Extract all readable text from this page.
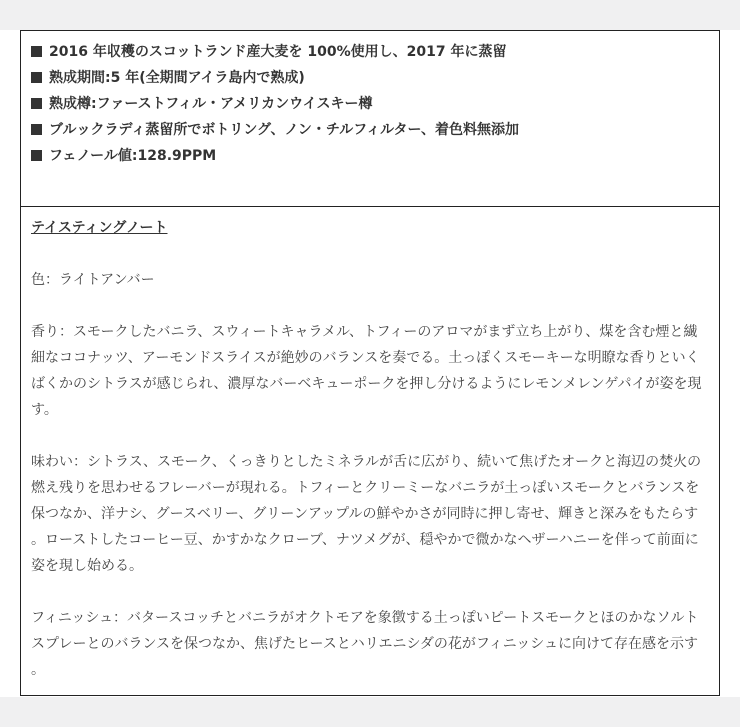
2016 年収穫のスコットランド産大麦を 100%使用し、2017 年に蒸留
熟成期間:5 年(全期間アイラ島内で熟成)
熟成樽:ファーストフィル・アメリカンウイスキー樽
ブルックラディ蒸留所でボトリング、ノン・チルフィルター、着色料無添加
フェノール値:128.9PPM
テイスティングノート
色：ライトアンバー
香り：スモークしたバニラ、スウィートキャラメル、トフィーのアロマがまず立ち上がり、煤を含む煙と繊
細なココナッツ、アーモンドスライスが絶妙のバランスを奏でる。土っぽくスモーキーな明瞭な香りといく
ばくかのシトラスが感じられ、濃厚なバーベキューポークを押し分けるようにレモンメレンゲパイが姿を現
す。
味わい：シトラス、スモーク、くっきりとしたミネラルが舌に広がり、続いて焦げたオークと海辺の焚火の
燃え残りを思わせるフレーバーが現れる。トフィーとクリーミーなバニラが土っぽいスモークとバランスを
保つなか、洋ナシ、グースベリー、グリーンアップルの鮮やかさが同時に押し寄せ、輝きと深みをもたらす
。ローストしたコーヒー豆、かすかなクローブ、ナツメグが、穏やかで微かなヘザーハニーを伴って前面に
姿を現し始める。
フィニッシュ：バタースコッチとバニラがオクトモアを象徴する土っぽいピートスモークとほのかなソルト
スプレーとのバランスを保つなか、焦げたヒースとハリエニシダの花がフィニッシュに向けて存在感を示す
。
